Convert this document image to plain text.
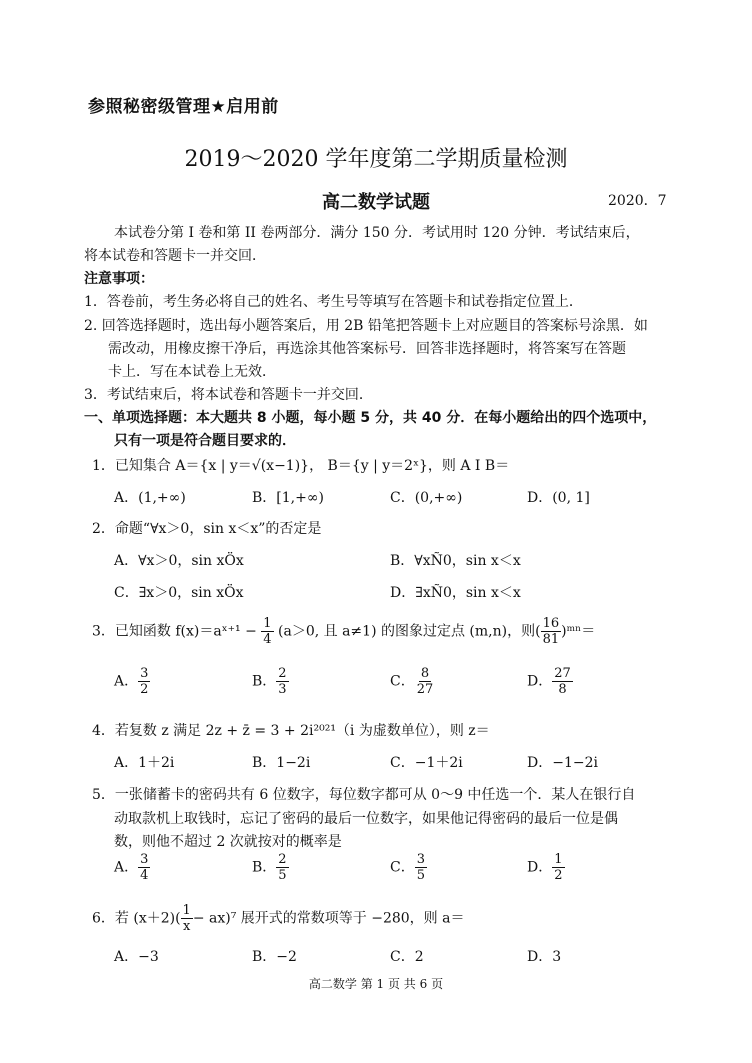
参照秘密级管理★启用前
2019～2020 学年度第二学期质量检测
高二数学试题	2020．7
本试卷分第 I 卷和第 II 卷两部分．满分 150 分．考试用时 120 分钟．考试结束后，
将本试卷和答题卡一并交回．
注意事项：
1．答卷前，考生务必将自己的姓名、考生号等填写在答题卡和试卷指定位置上．
2. 回答选择题时，选出每小题答案后，用 2B 铅笔把答题卡上对应题目的答案标号涂黑．如
需改动，用橡皮擦干净后，再选涂其他答案标号．回答非选择题时，将答案写在答题
卡上．写在本试卷上无效．
3．考试结束后，将本试卷和答题卡一并交回．
一、单项选择题：本大题共 8 小题，每小题 5 分，共 40 分．在每小题给出的四个选项中，
只有一项是符合题目要求的．
1．已知集合 A＝{x | y＝√(x−1)}， B＝{y | y＝2ˣ}，则 A I B＝
A．(1,+∞)	B．[1,+∞)	C．(0,+∞)	D．(0, 1]
2．命题“∀x＞0，sin x＜x”的否定是
A．∀x＞0，sin xÖx	B．∀xÑ0，sin x＜x
C．∃x＞0，sin xÖx	D．∃xÑ0，sin x＜x
3．已知函数 f(x)＝aˣ⁺¹ − $\frac{1}{4} (a>0$, 且 a≠1) 的图象过定点 (m,n)，则( $\frac{16}{81}$ )ᵐⁿ＝
A． $\frac{3}{2}$	B． $\frac{2}{3}$	C． $\frac{8}{27}$	D． $\frac{27}{8}$
4．若复数 z 满足 2z + z̄ = 3 + 2i²⁰²¹（i 为虚数单位），则 z＝
A．1＋2i	B．1−2i	C．−1＋2i	D．−1−2i
5．一张储蓄卡的密码共有 6 位数字，每位数字都可从 0～9 中任选一个．某人在银行自
动取款机上取钱时，忘记了密码的最后一位数字，如果他记得密码的最后一位是偶
数，则他不超过 2 次就按对的概率是
A． $\frac{3}{4}$	B． $\frac{2}{5}$	C． $\frac{3}{5}$	D． $\frac{1}{2}$
6．若 $(x+2)( \frac{1}{x} - ax)^7$ 展开式的常数项等于 −280，则 a＝
A．−3	B．−2	C．2	D．3
高二数学 第 1 页 共 6 页
